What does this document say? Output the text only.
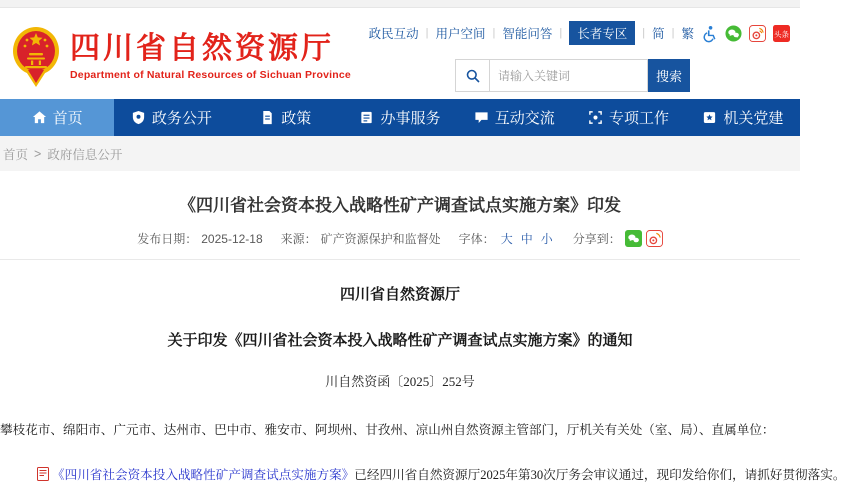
四川省自然资源厅
Department of Natural Resources of Sichuan Province
政民互动 | 用户空间 | 智能问答 |	长者专区	| 简 | 繁	头条
请输入关键词
搜索
首页	政务公开	政策	办事服务	互动交流	专项工作	机关党建
首页 > 政府信息公开
《四川省社会资本投入战略性矿产调查试点实施方案》印发
发布日期： 2025-12-18 来源： 矿产资源保护和监督处 字体： 大 中 小 分享到：
四川省自然资源厅
关于印发《四川省社会资本投入战略性矿产调查试点实施方案》的通知
川自然资函〔2025〕252号

攀枝花市、绵阳市、广元市、达州市、巴中市、雅安市、阿坝州、甘孜州、凉山州自然资源主管部门，厅机关有关处（室、局）、直属单位：

《四川省社会资本投入战略性矿产调查试点实施方案》 已经四川省自然资源厅2025年第30次厅务会审议通过，现印发给你们，请抓好贯彻落实。
